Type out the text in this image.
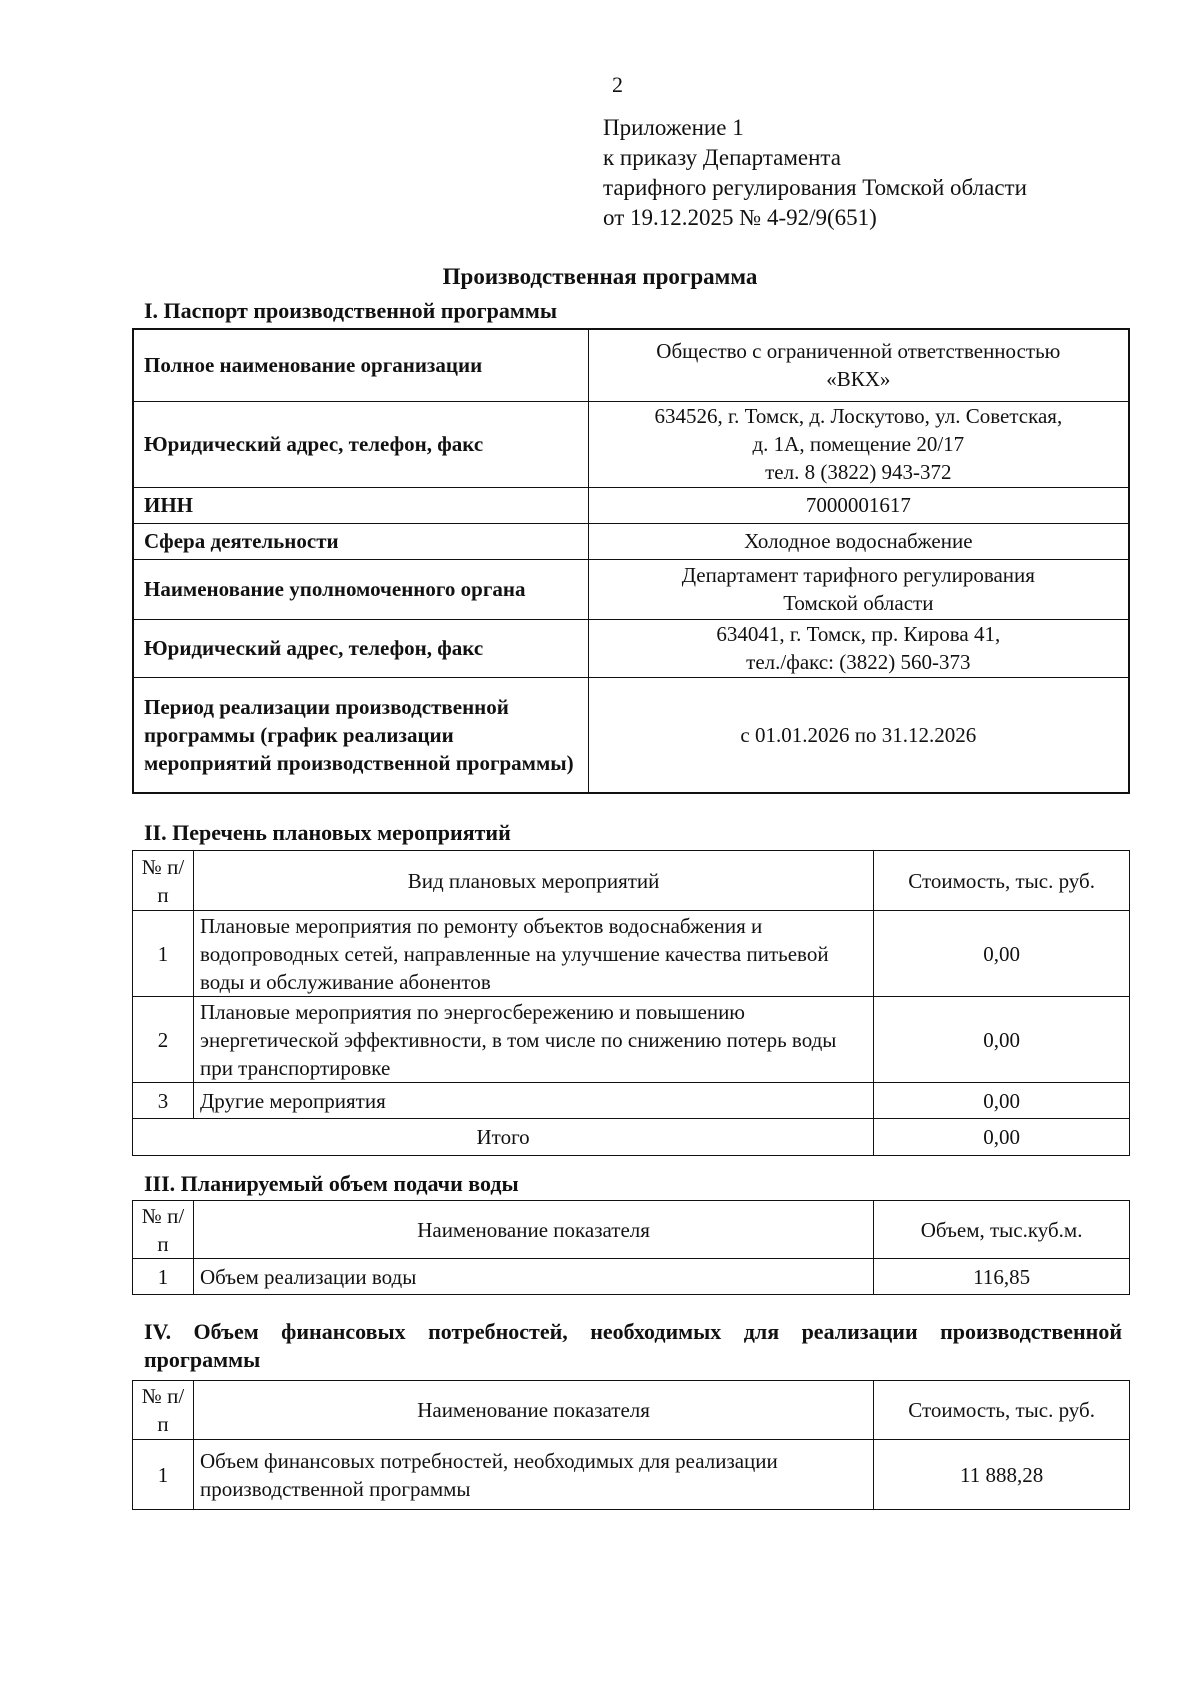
2
Приложение 1
к приказу Департамента
тарифного регулирования Томской области
от 19.12.2025 № 4-92/9(651)
Производственная программа
I. Паспорт производственной программы
Полное наименование организации	Общество с ограниченной ответственностью
«ВКХ»

Юридический адрес, телефон, факс	634526, г. Томск, д. Лоскутово, ул. Советская,
д. 1А, помещение 20/17
тел. 8 (3822) 943-372

ИНН	7000001617
Сфера деятельности	Холодное водоснабжение
Наименование уполномоченного органа	Департамент тарифного регулирования
Томской области

Юридический адрес, телефон, факс	634041, г. Томск, пр. Кирова 41,
тел./факс: (3822) 560-373

Период реализации производственной программы (график реализации мероприятий производственной программы)	с 01.01.2026 по 31.12.2026
II. Перечень плановых мероприятий
№ п/п	Вид плановых мероприятий	Стоимость, тыс. руб.
1	Плановые мероприятия по ремонту объектов водоснабжения и водопроводных сетей, направленные на улучшение качества питьевой воды и обслуживание абонентов	0,00
2	Плановые мероприятия по энергосбережению и повышению энергетической эффективности, в том числе по снижению потерь воды при транспортировке	0,00
3	Другие мероприятия	0,00
Итого		0,00
III. Планируемый объем подачи воды
№ п/п	Наименование показателя	Объем, тыс.куб.м.
1	Объем реализации воды	116,85
IV. Объем финансовых потребностей, необходимых для реализации производственной программы
№ п/п	Наименование показателя	Стоимость, тыс. руб.
1	Объем финансовых потребностей, необходимых для реализации производственной программы	11 888,28
